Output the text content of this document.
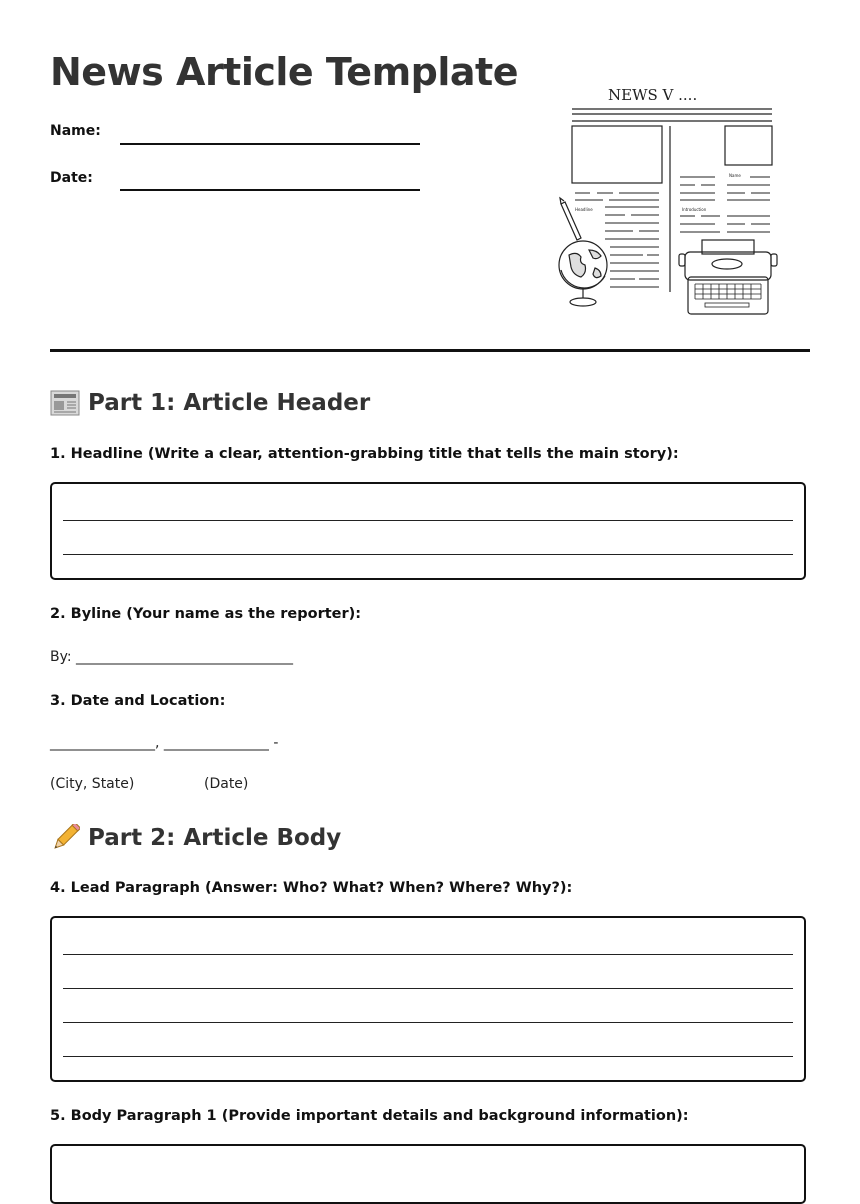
News Article Template
Name:
Date:
NEWS V ....
Name
Headline	Introduction
Part 1: Article Header
1. Headline (Write a clear, attention-grabbing title that tells the main story):
2. Byline (Your name as the reporter):
By: _______________________________
3. Date and Location:
_______________, _______________ -
(City, State)	(Date)
Part 2: Article Body
4. Lead Paragraph (Answer: Who? What? When? Where? Why?):
5. Body Paragraph 1 (Provide important details and background information):
